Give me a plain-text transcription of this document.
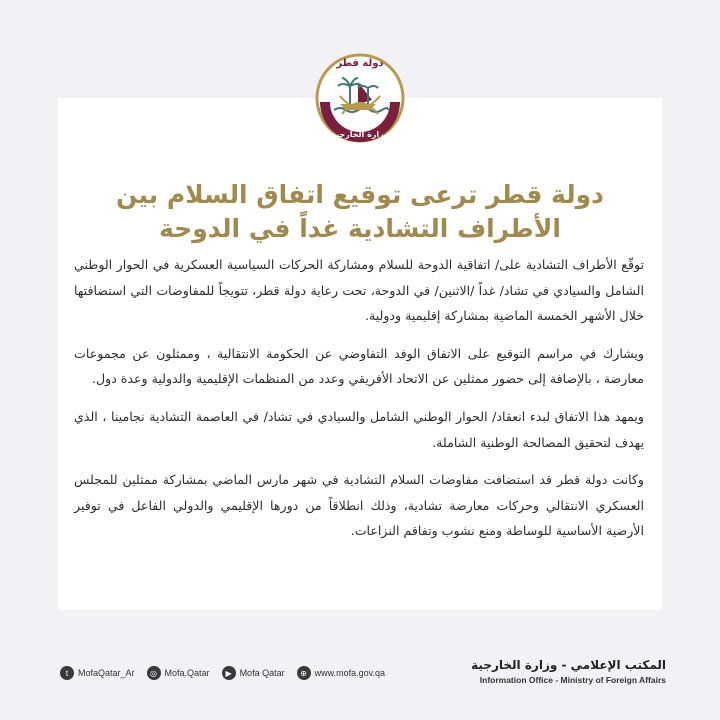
دولة قطر
وزارة الخارجية
دولة قطر ترعى توقيع اتفاق السلام بين
الأطراف التشادية غداً في الدوحة

توقّع الأطراف التشادية على/ اتفاقية الدوحة للسلام ومشاركة الحركات السياسية العسكرية في الحوار الوطني الشامل والسيادي في تشاد/ غداً /الاثنين/ في الدوحة، تحت رعاية دولة قطر، تتويجاً للمفاوضات التي استضافتها خلال الأشهر الخمسة الماضية بمشاركة إقليمية ودولية.

ويشارك في مراسم التوقيع على الاتفاق الوفد التفاوضي عن الحكومة الانتقالية ، وممثلون عن مجموعات معارضة ، بالإضافة إلى حضور ممثلين عن الاتحاد الأفريقي وعدد من المنظمات الإقليمية والدولية وعدة دول.

ويمهد هذا الاتفاق لبدء انعقاد/ الحوار الوطني الشامل والسيادي في تشاد/ في العاصمة التشادية نجامينا ، الذي يهدف لتحقيق المصالحة الوطنية الشاملة.

وكانت دولة قطر قد استضافت مفاوضات السلام التشادية في شهر مارس الماضي بمشاركة ممثلين للمجلس العسكري الانتقالي وحركات معارضة تشادية، وذلك انطلاقاً من دورها الإقليمي والدولي الفاعل في توفير الأرضية الأساسية للوساطة ومنع نشوب وتفاقم النزاعات.

t	MofaQatar_Ar	◎ Mofa.Qatar	▶ Mofa Qatar	⊕ www.mofa.gov.qa
المكتب الإعلامي - وزارة الخارجية
Information Office - Ministry of Foreign Affairs
